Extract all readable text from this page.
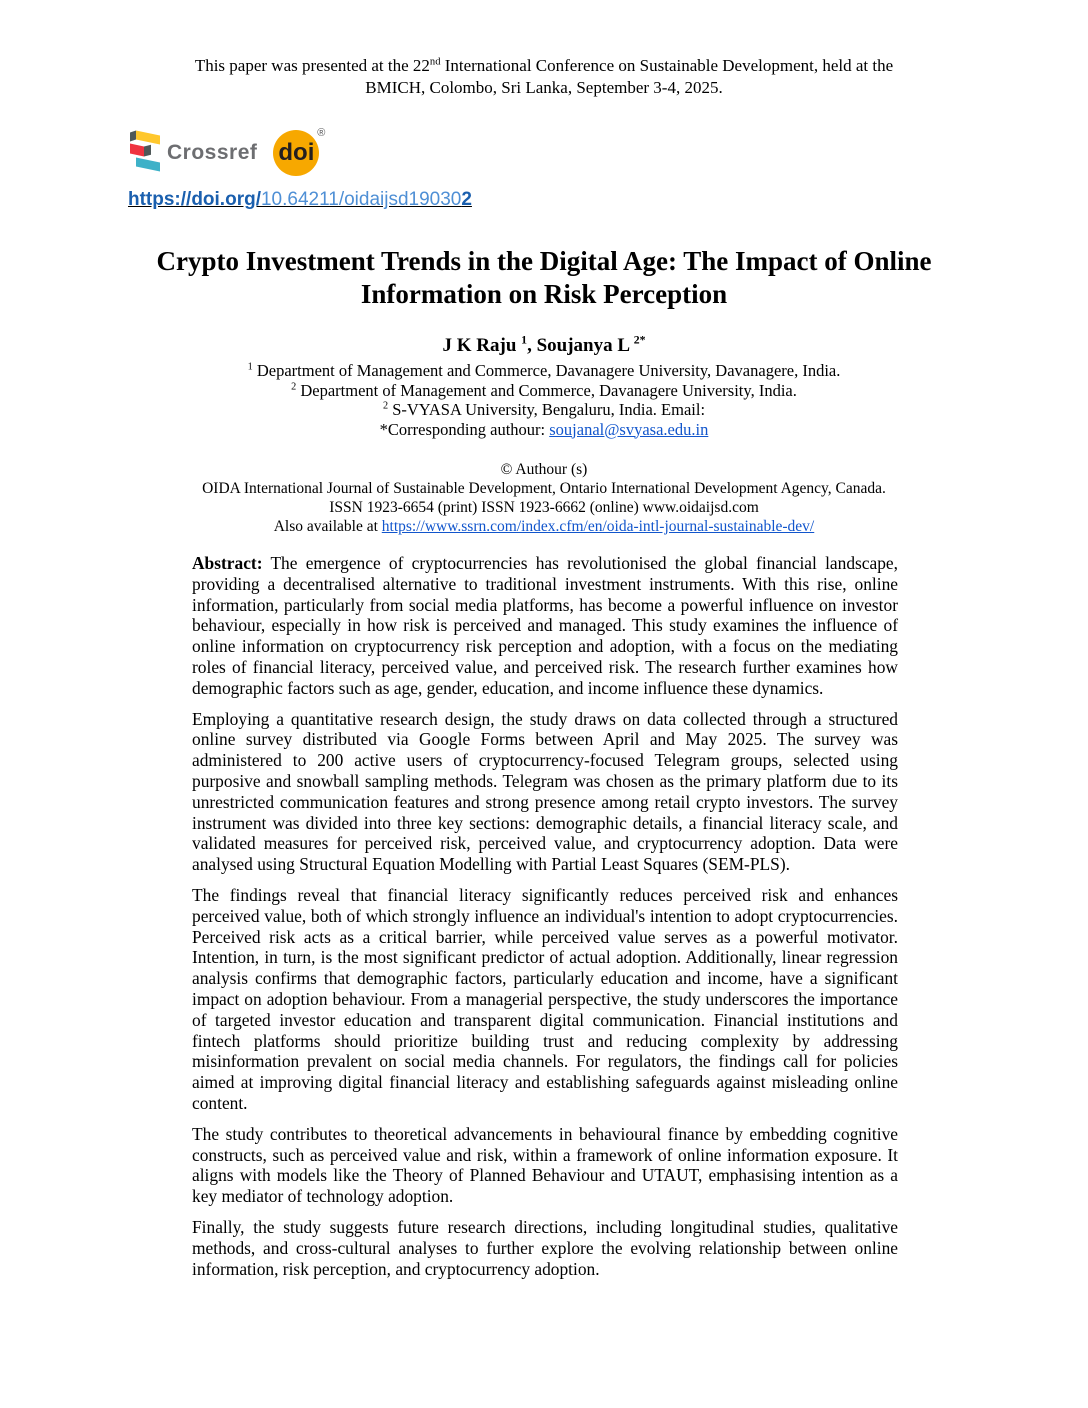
This paper was presented at the 22nd International Conference on Sustainable Development, held at the BMICH, Colombo, Sri Lanka, September 3-4, 2025.

Crossref doi
®

https://doi.org/10.64211/oidaijsd190302

Crypto Investment Trends in the Digital Age: The Impact of Online Information on Risk Perception

J K Raju $^1$, Soujanya L $^{2*}$

$^1$ Department of Management and Commerce, Davanagere University, Davanagere, India.
$^2$ Department of Management and Commerce, Davanagere University, India.
$^2$ S-VYASA University, Bengaluru, India. Email:
*Corresponding authour: soujanal@svyasa.edu.in
© Authour (s)
OIDA International Journal of Sustainable Development, Ontario International Development Agency, Canada.
ISSN 1923-6654 (print) ISSN 1923-6662 (online) www.oidaijsd.com
Also available at https://www.ssrn.com/index.cfm/en/oida-intl-journal-sustainable-dev/

Abstract: The emergence of cryptocurrencies has revolutionised the global financial landscape, providing a decentralised alternative to traditional investment instruments. With this rise, online information, particularly from social media platforms, has become a powerful influence on investor behaviour, especially in how risk is perceived and managed. This study examines the influence of online information on cryptocurrency risk perception and adoption, with a focus on the mediating roles of financial literacy, perceived value, and perceived risk. The research further examines how demographic factors such as age, gender, education, and income influence these dynamics.

Employing a quantitative research design, the study draws on data collected through a structured online survey distributed via Google Forms between April and May 2025. The survey was administered to 200 active users of cryptocurrency-focused Telegram groups, selected using purposive and snowball sampling methods. Telegram was chosen as the primary platform due to its unrestricted communication features and strong presence among retail crypto investors. The survey instrument was divided into three key sections: demographic details, a financial literacy scale, and validated measures for perceived risk, perceived value, and cryptocurrency adoption. Data were analysed using Structural Equation Modelling with Partial Least Squares (SEM-PLS).

The findings reveal that financial literacy significantly reduces perceived risk and enhances perceived value, both of which strongly influence an individual's intention to adopt cryptocurrencies. Perceived risk acts as a critical barrier, while perceived value serves as a powerful motivator. Intention, in turn, is the most significant predictor of actual adoption. Additionally, linear regression analysis confirms that demographic factors, particularly education and income, have a significant impact on adoption behaviour. From a managerial perspective, the study underscores the importance of targeted investor education and transparent digital communication. Financial institutions and fintech platforms should prioritize building trust and reducing complexity by addressing misinformation prevalent on social media channels. For regulators, the findings call for policies aimed at improving digital financial literacy and establishing safeguards against misleading online content.

The study contributes to theoretical advancements in behavioural finance by embedding cognitive constructs, such as perceived value and risk, within a framework of online information exposure. It aligns with models like the Theory of Planned Behaviour and UTAUT, emphasising intention as a key mediator of technology adoption.

Finally, the study suggests future research directions, including longitudinal studies, qualitative methods, and cross-cultural analyses to further explore the evolving relationship between online information, risk perception, and cryptocurrency adoption.
